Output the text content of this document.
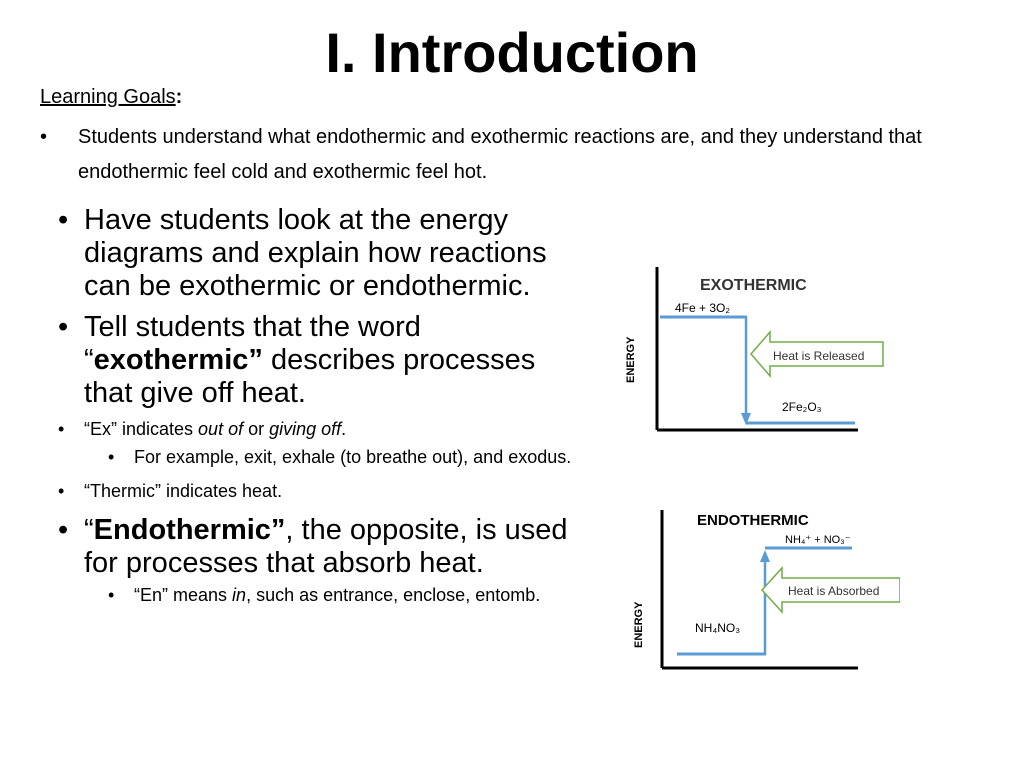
I. Introduction
Learning Goals:
• Students understand what endothermic and exothermic reactions are, and they understand that endothermic feel cold and exothermic feel hot.
• Have students look at the energy diagrams and explain how reactions can be exothermic or endothermic.
• Tell students that the word “exothermic” describes processes that give off heat.
• “Ex” indicates out of or giving off.
• For example, exit, exhale (to breathe out), and exodus.
• “Thermic” indicates heat.
• “Endothermic”, the opposite, is used for processes that absorb heat.
• “En” means in, such as entrance, enclose, entomb.
ENERGY
EXOTHERMIC
4Fe + 3O₂
2Fe₂O₃
Heat is Released
ENERGY
ENDOTHERMIC
NH₄⁺ + NO₃⁻
NH₄NO₃
Heat is Absorbed
